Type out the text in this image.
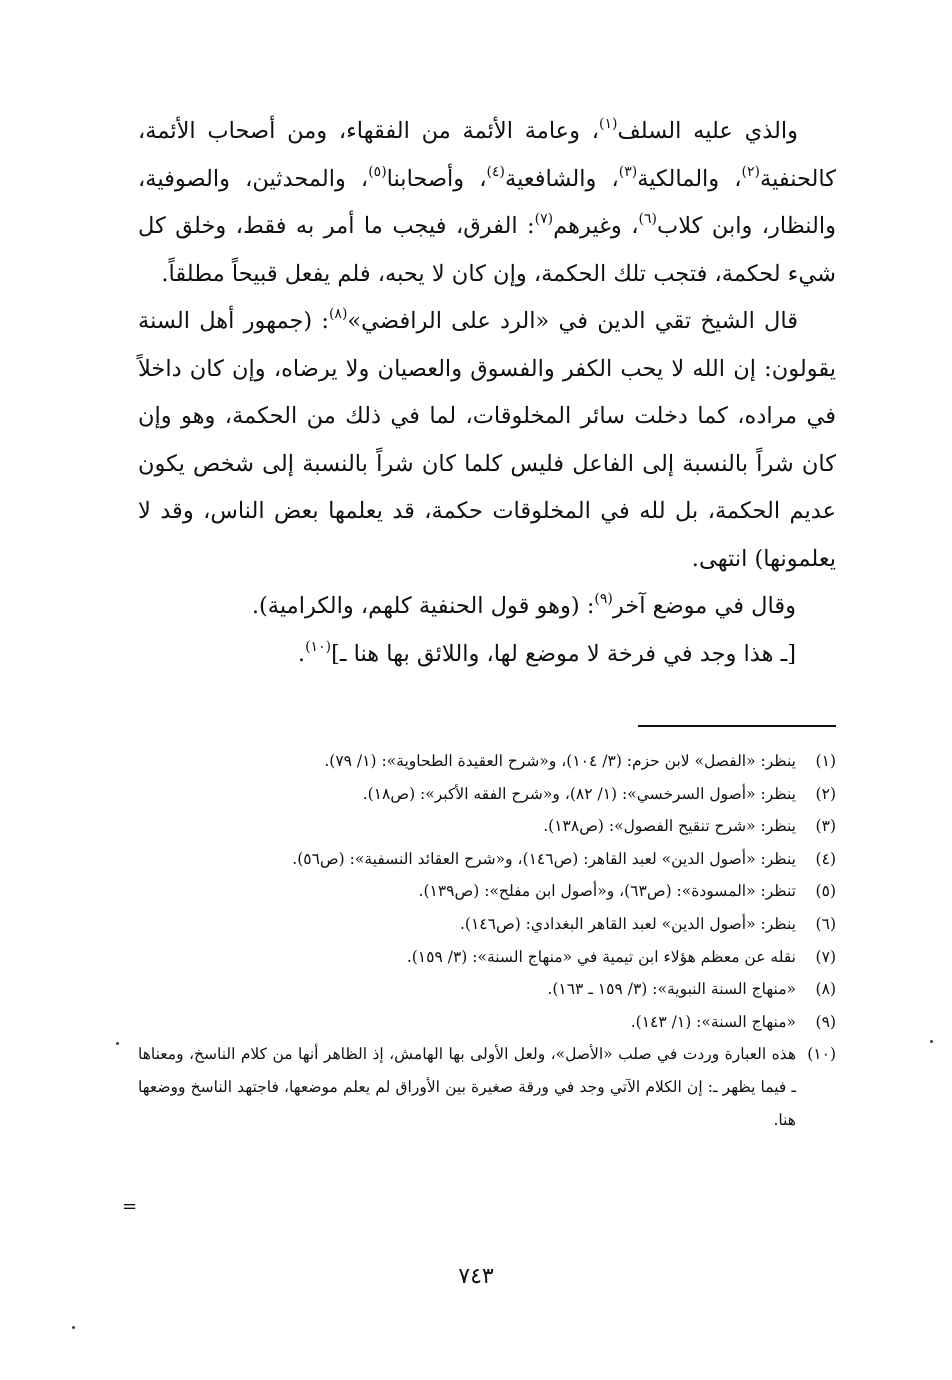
والذي عليه السلف$^{(١)}$، وعامة الأئمة من الفقهاء، ومن أصحاب الأئمة، كالحنفية$^{(٢)}$، والمالكية$^{(٣)}$، والشافعية$^{(٤)}$، وأصحابنا$^{(٥)}$، والمحدثين، والصوفية، والنظار، وابن كلاب$^{(٦)}$، وغيرهم$^{(٧)}$: الفرق، فيجب ما أمر به فقط، وخلق كل شيء لحكمة، فتجب تلك الحكمة، وإن كان لا يحبه، فلم يفعل قبيحاً مطلقاً.

قال الشيخ تقي الدين في «الرد على الرافضي»$^{(٨)}$: (جمهور أهل السنة يقولون: إن الله لا يحب الكفر والفسوق والعصيان ولا يرضاه، وإن كان داخلاً في مراده، كما دخلت سائر المخلوقات، لما في ذلك من الحكمة، وهو وإن كان شراً بالنسبة إلى الفاعل فليس كلما كان شراً بالنسبة إلى شخص يكون عديم الحكمة، بل لله في المخلوقات حكمة، قد يعلمها بعض الناس، وقد لا يعلمونها) انتهى.

وقال في موضع آخر$^{(٩)}$: (وهو قول الحنفية كلهم، والكرامية).

[ـ هذا وجد في فرخة لا موضع لها، واللائق بها هنا ـ]$^{(١٠)}$.

(١)
ينظر: «الفصل» لابن حزم: (٣/ ١٠٤)، و«شرح العقيدة الطحاوية»: (١/ ٧٩).
(٢)
ينظر: «أصول السرخسي»: (١/ ٨٢)، و«شرح الفقه الأكبر»: (ص١٨).
(٣)
ينظر: «شرح تنقيح الفصول»: (ص١٣٨).
(٤)
ينظر: «أصول الدين» لعبد القاهر: (ص١٤٦)، و«شرح العقائد النسفية»: (ص٥٦).
(٥)
تنظر: «المسودة»: (ص٦٣)، و«أصول ابن مفلح»: (ص١٣٩).
(٦)
ينظر: «أصول الدين» لعبد القاهر البغدادي: (ص١٤٦).
(٧)
نقله عن معظم هؤلاء ابن تيمية في «منهاج السنة»: (٣/ ١٥٩).
(٨)
«منهاج السنة النبوية»: (٣/ ١٥٩ ـ ١٦٣).
(٩)
«منهاج السنة»: (١/ ١٤٣).
(١٠)
هذه العبارة وردت في صلب «الأصل»، ولعل الأولى بها الهامش، إذ الظاهر أنها من كلام الناسخ، ومعناها ـ فيما يظهر ـ: إن الكلام الآتي وجد في ورقة صغيرة بين الأوراق لم يعلم موضعها، فاجتهد الناسخ ووضعها هنا.
=
٧٤٣
